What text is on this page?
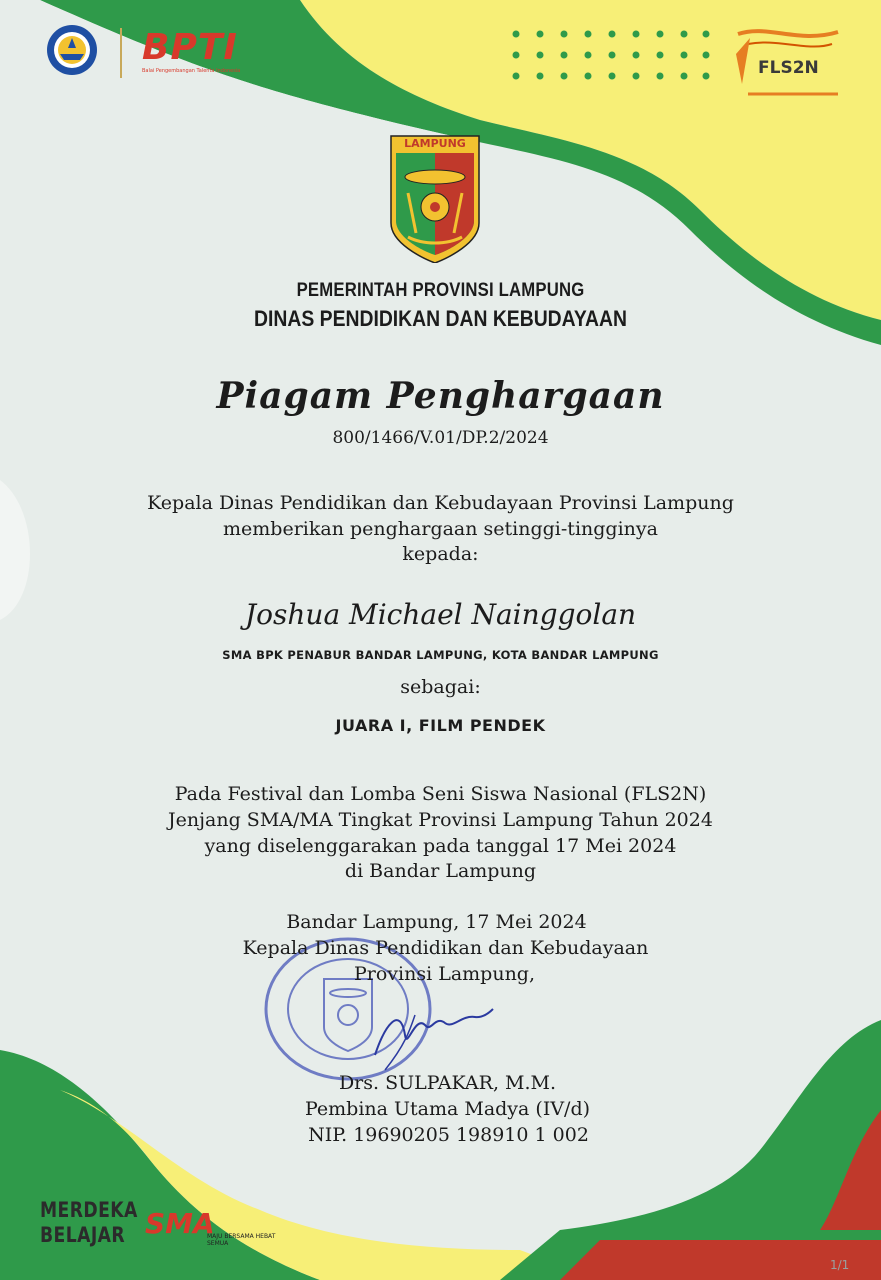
BPTI
Balai Pengembangan Talenta Indonesia	FLS2N
LAMPUNG
PEMERINTAH PROVINSI LAMPUNG
DINAS PENDIDIKAN DAN KEBUDAYAAN
Piagam Penghargaan
800/1466/V.01/DP.2/2024
Kepala Dinas Pendidikan dan Kebudayaan Provinsi Lampung
memberikan penghargaan setinggi-tingginya
kepada:
Joshua Michael Nainggolan
SMA BPK PENABUR BANDAR LAMPUNG, KOTA BANDAR LAMPUNG
sebagai:
JUARA I, FILM PENDEK
Pada Festival dan Lomba Seni Siswa Nasional (FLS2N)
Jenjang SMA/MA Tingkat Provinsi Lampung Tahun 2024
yang diselenggarakan pada tanggal 17 Mei 2024
di Bandar Lampung
Bandar Lampung, 17 Mei 2024
Kepala Dinas Pendidikan dan Kebudayaan
Provinsi Lampung,
Drs. SULPAKAR, M.M.
Pembina Utama Madya (IV/d)
NIP. 19690205 198910 1 002
MERDEKA
BELAJAR SMA
MAJU BERSAMA HEBAT SEMUA
1/1
